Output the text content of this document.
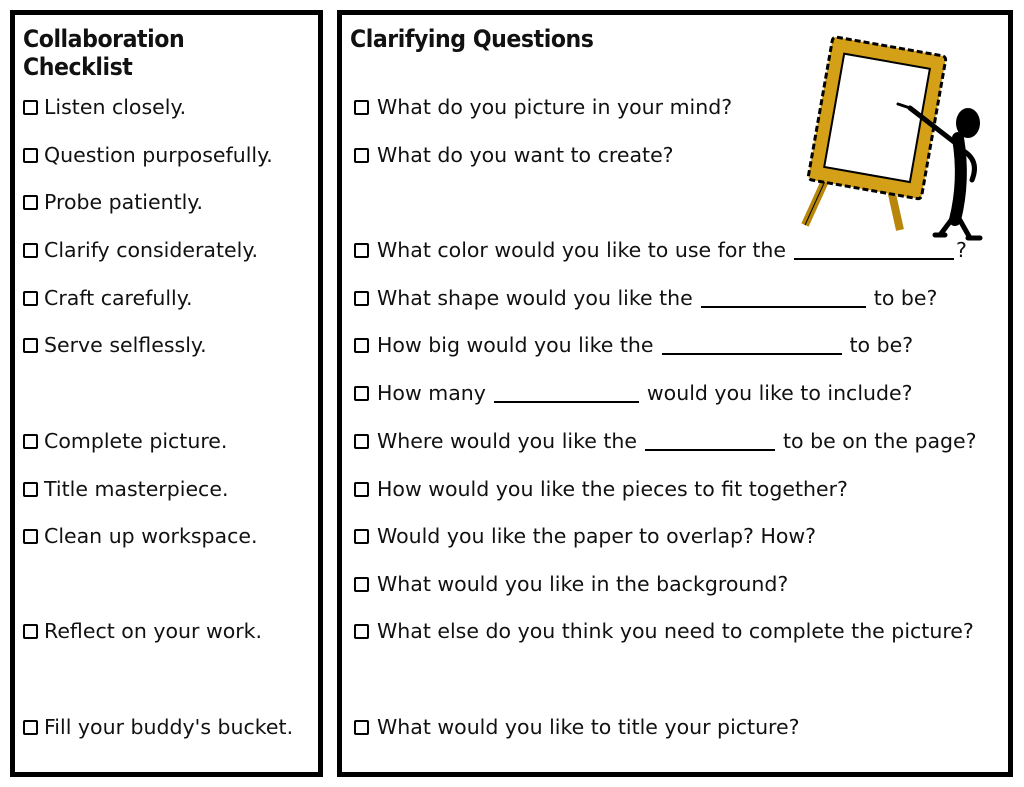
Collaboration Checklist
Listen closely.
Question purposefully.
Probe patiently.
Clarify considerately.
Craft carefully.
Serve selflessly.
Complete picture.
Title masterpiece.
Clean up workspace.
Reflect on your work.
Fill your buddy's bucket.
Clarifying Questions
What do you picture in your mind?
What do you want to create?
What color would you like to use for the	?
What shape would you like the	to be?
How big would you like the	to be?
How many	would you like to include?
Where would you like the	to be on the page?
How would you like the pieces to fit together?
Would you like the paper to overlap? How?
What would you like in the background?
What else do you think you need to complete the picture?
What would you like to title your picture?
